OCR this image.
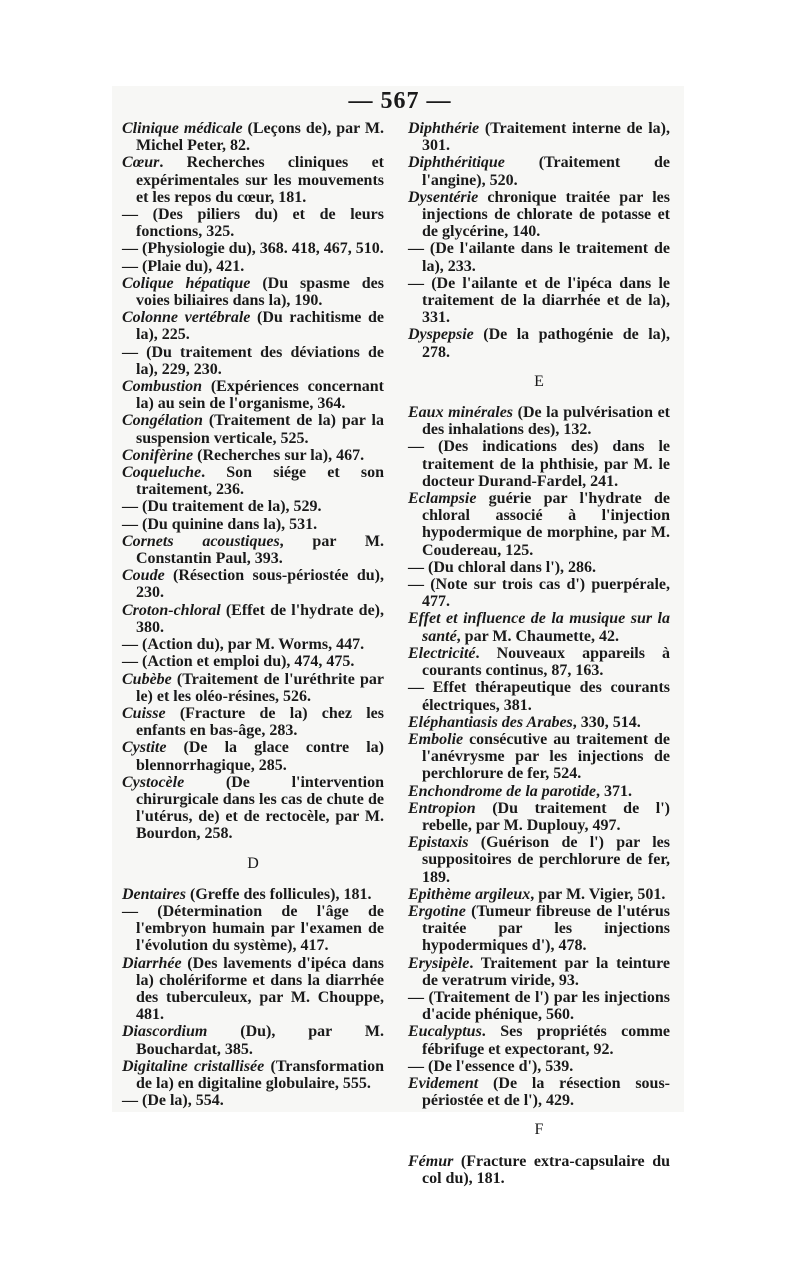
— 567 —

Clinique médicale (Leçons de), par M. Michel Peter, 82.

Cœur. Recherches cliniques et expérimentales sur les mouvements et les repos du cœur, 181.

— (Des piliers du) et de leurs fonctions, 325.

— (Physiologie du), 368. 418, 467, 510.

— (Plaie du), 421.

Colique hépatique (Du spasme des voies biliaires dans la), 190.

Colonne vertébrale (Du rachitisme de la), 225.

— (Du traitement des déviations de la), 229, 230.

Combustion (Expériences concernant la) au sein de l'organisme, 364.

Congélation (Traitement de la) par la suspension verticale, 525.

Conifèrine (Recherches sur la), 467.

Coqueluche. Son siége et son traitement, 236.

— (Du traitement de la), 529.

— (Du quinine dans la), 531.

Cornets acoustiques, par M. Constantin Paul, 393.

Coude (Résection sous-périostée du), 230.

Croton-chloral (Effet de l'hydrate de), 380.

— (Action du), par M. Worms, 447.

— (Action et emploi du), 474, 475.

Cubèbe (Traitement de l'uréthrite par le) et les oléo-résines, 526.

Cuisse (Fracture de la) chez les enfants en bas-âge, 283.

Cystite (De la glace contre la) blennorrhagique, 285.

Cystocèle (De l'intervention chirurgicale dans les cas de chute de l'utérus, de) et de rectocèle, par M. Bourdon, 258.

D

Dentaires (Greffe des follicules), 181.

— (Détermination de l'âge de l'embryon humain par l'examen de l'évolution du système), 417.

Diarrhée (Des lavements d'ipéca dans la) cholériforme et dans la diarrhée des tuberculeux, par M. Chouppe, 481.

Diascordium (Du), par M. Bouchardat, 385.

Digitaline cristallisée (Transformation de la) en digitaline globulaire, 555.

— (De la), 554.

Diphthérie (Traitement interne de la), 301.

Diphthéritique (Traitement de l'angine), 520.

Dysentérie chronique traitée par les injections de chlorate de potasse et de glycérine, 140.

— (De l'ailante dans le traitement de la), 233.

— (De l'ailante et de l'ipéca dans le traitement de la diarrhée et de la), 331.

Dyspepsie (De la pathogénie de la), 278.

E

Eaux minérales (De la pulvérisation et des inhalations des), 132.

— (Des indications des) dans le traitement de la phthisie, par M. le docteur Durand-Fardel, 241.

Eclampsie guérie par l'hydrate de chloral associé à l'injection hypodermique de morphine, par M. Coudereau, 125.

— (Du chloral dans l'), 286.

— (Note sur trois cas d') puerpérale, 477.

Effet et influence de la musique sur la santé, par M. Chaumette, 42.

Electricité. Nouveaux appareils à courants continus, 87, 163.

— Effet thérapeutique des courants électriques, 381.

Eléphantiasis des Arabes, 330, 514.

Embolie consécutive au traitement de l'anévrysme par les injections de perchlorure de fer, 524.

Enchondrome de la parotide, 371.

Entropion (Du traitement de l') rebelle, par M. Duplouy, 497.

Epistaxis (Guérison de l') par les suppositoires de perchlorure de fer, 189.

Epithème argileux, par M. Vigier, 501.

Ergotine (Tumeur fibreuse de l'utérus traitée par les injections hypodermiques d'), 478.

Erysipèle. Traitement par la teinture de veratrum viride, 93.

— (Traitement de l') par les injections d'acide phénique, 560.

Eucalyptus. Ses propriétés comme fébrifuge et expectorant, 92.

— (De l'essence d'), 539.

Evidement (De la résection sous-périostée et de l'), 429.

F

Fémur (Fracture extra-capsulaire du col du), 181.
